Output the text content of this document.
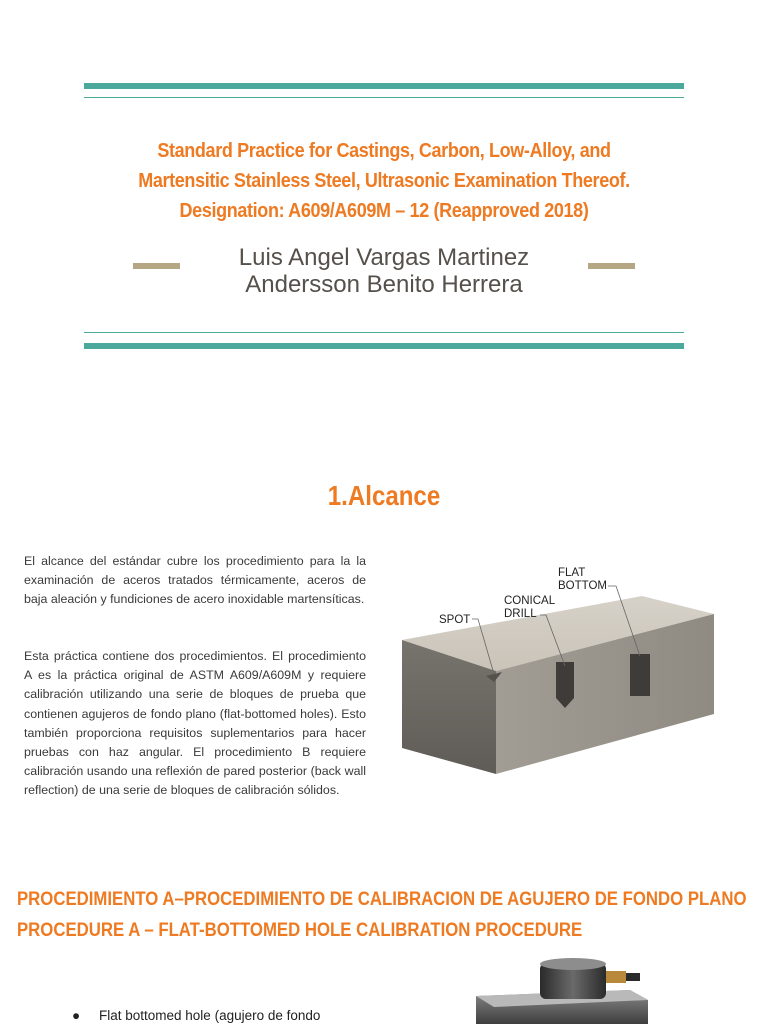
Standard Practice for Castings, Carbon, Low-Alloy, and
Martensitic Stainless Steel, Ultrasonic Examination Thereof.
Designation: A609/A609M – 12 (Reapproved 2018)
Luis Angel Vargas Martinez
Andersson Benito Herrera
1.Alcance

El alcance del estándar cubre los procedimiento para la la examinación de aceros tratados térmicamente, aceros de baja aleación y fundiciones de acero inoxidable martensíticas.

Esta práctica contiene dos procedimientos. El procedimiento A es la práctica original de ASTM A609/A609M y requiere calibración utilizando una serie de bloques de prueba que contienen agujeros de fondo plano (flat-bottomed holes). Esto también proporciona requisitos suplementarios para hacer pruebas con haz angular. El procedimiento B requiere calibración usando una reflexión de pared posterior (back wall reflection) de una serie de bloques de calibración sólidos.

SPOT
CONICAL
DRILL
FLAT
BOTTOM
PROCEDIMIENTO A–PROCEDIMIENTO DE CALIBRACION DE AGUJERO DE FONDO PLANO
PROCEDURE A – FLAT-BOTTOMED HOLE CALIBRATION PROCEDURE
● Flat bottomed hole (agujero de fondo
